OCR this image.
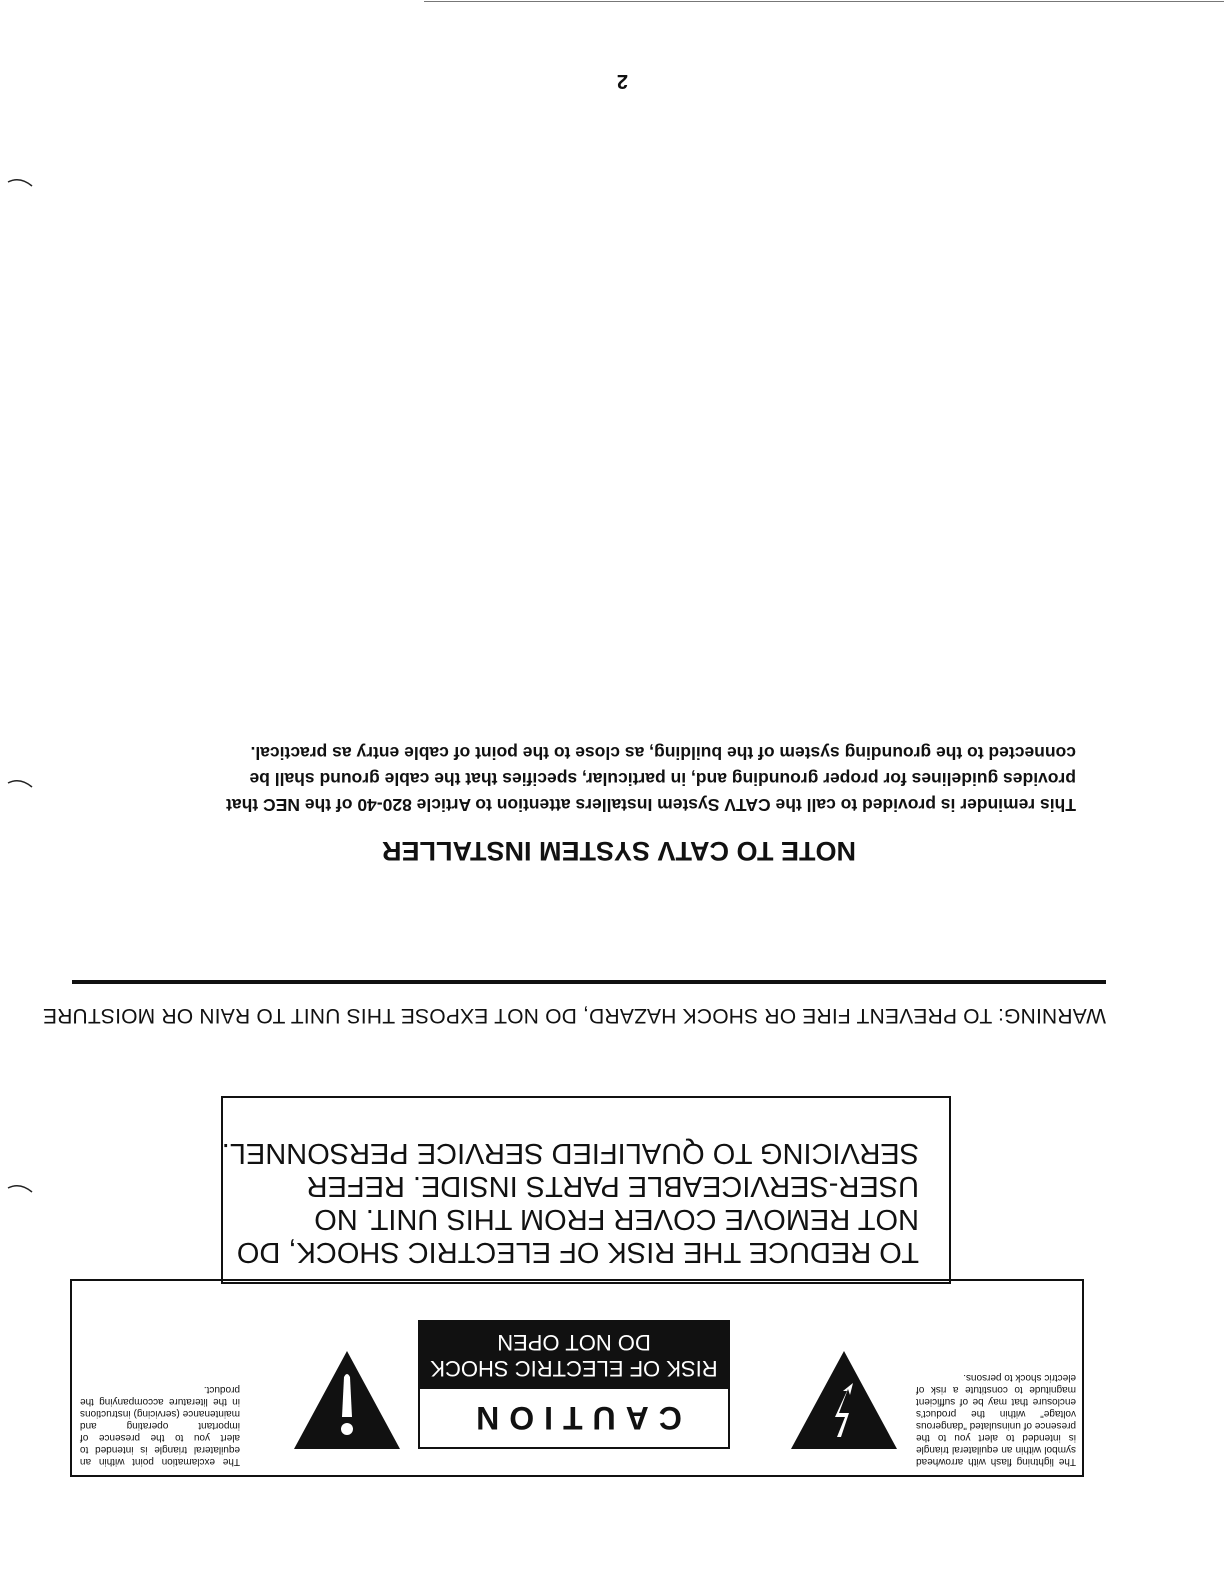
The lightning flash with arrowhead symbol within an equilateral triangle is intended to alert you to the presence of uninsulated "dangerous voltage" within the product's enclosure that may be of sufficient magnitude to constitute a risk of electric shock to persons.
CAUTION
RISK OF ELECTRIC SHOCK
DO NOT OPEN
The exclamation point within an equilateral triangle is intended to alert you to the presence of important operating and maintenance (servicing) instructions in the literature accompanying the product.
TO REDUCE THE RISK OF ELECTRIC SHOCK, DO
NOT REMOVE COVER FROM THIS UNIT. NO
USER-SERVICEABLE PARTS INSIDE. REFER
SERVICING TO QUALIFIED SERVICE PERSONNEL.
WARNING: TO PREVENT FIRE OR SHOCK HAZARD, DO NOT EXPOSE THIS UNIT TO RAIN OR MOISTURE
NOTE TO CATV SYSTEM INSTALLER
This reminder is provided to call the CATV System Installers attention to Article 820-40 of the NEC that
provides guidelines for proper grounding and, in particular, specifies that the cable ground shall be
connected to the grounding system of the building, as close to the point of cable entry as practical.
2
